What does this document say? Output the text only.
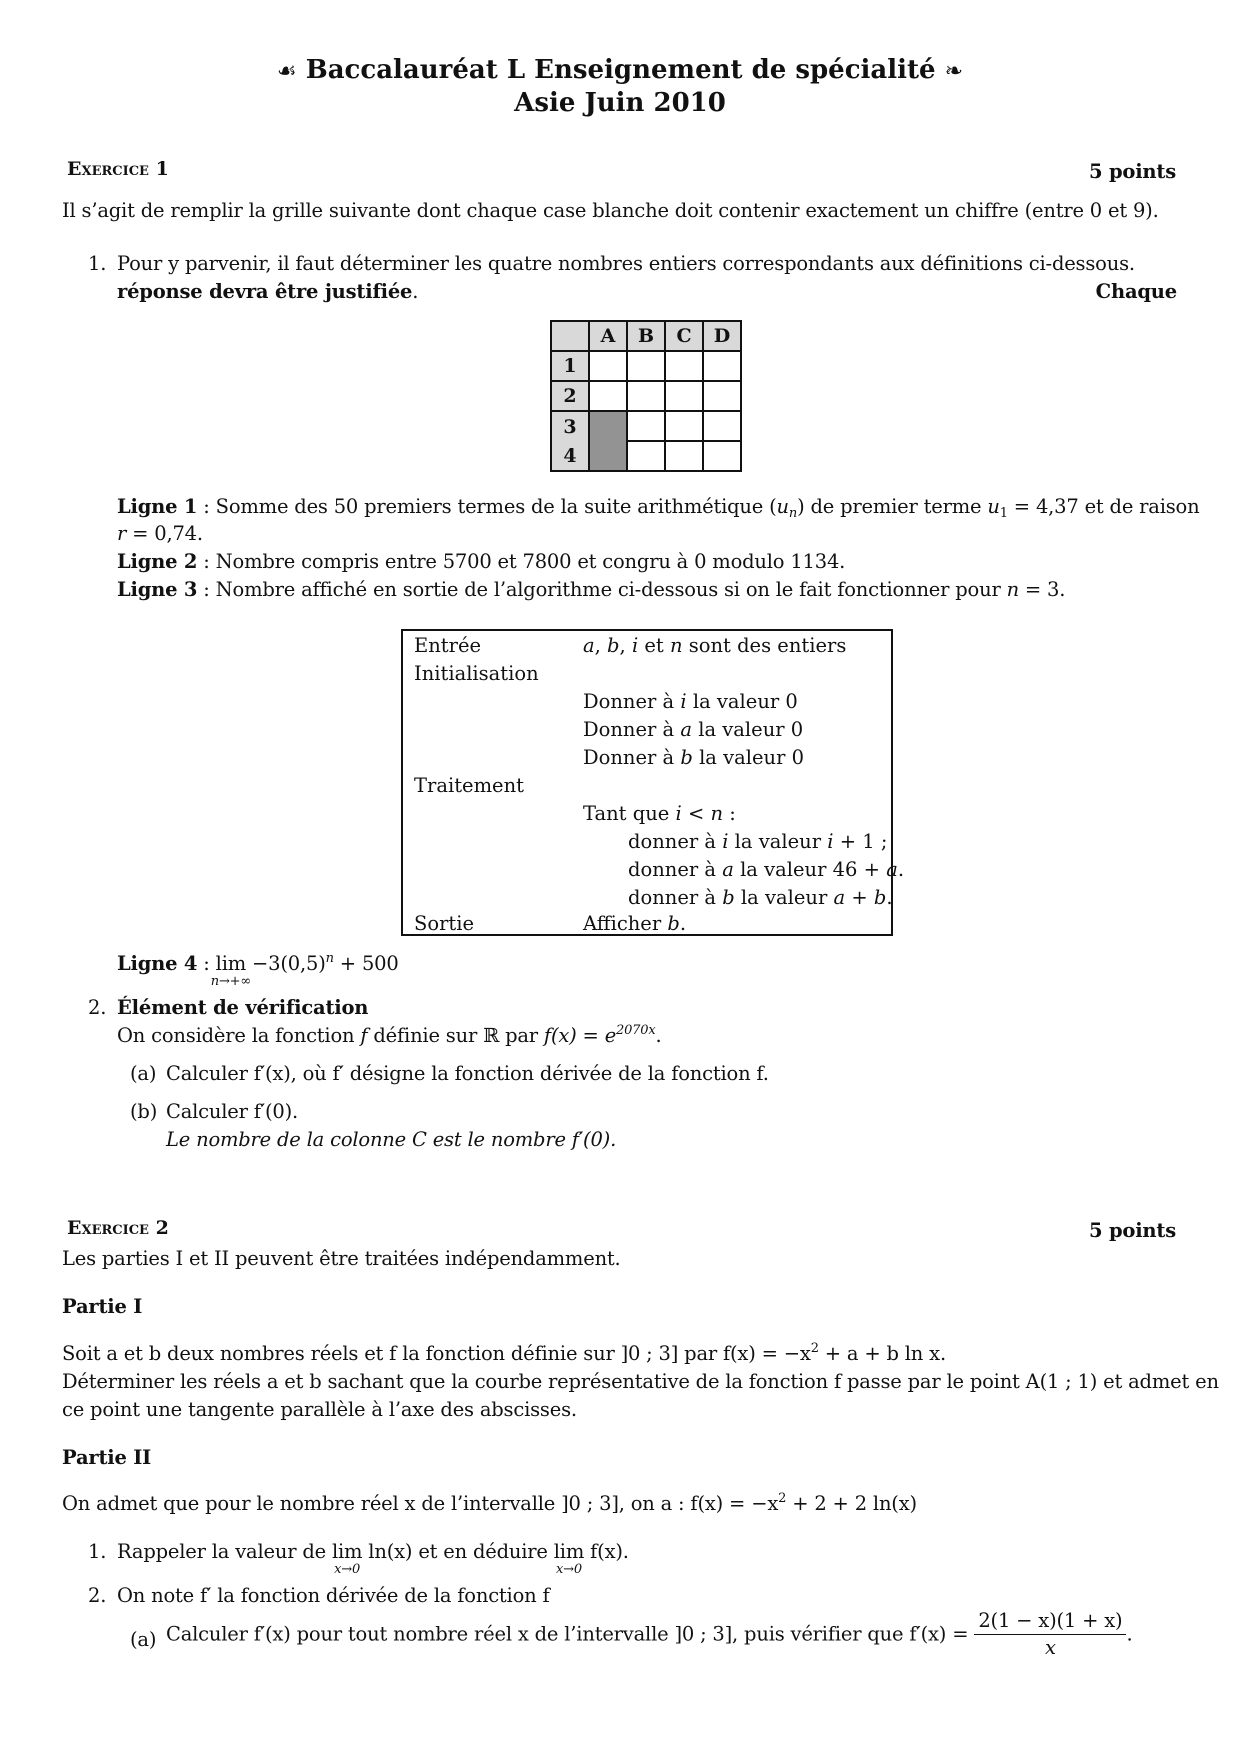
☙ Baccalauréat L Enseignement de spécialité ❧
Asie Juin 2010
Exercice 1	5 points
Il s’agit de remplir la grille suivante dont chaque case blanche doit contenir exactement un chiffre (entre 0 et 9).
1. Pour y parvenir, il faut déterminer les quatre nombres entiers correspondants aux définitions ci-dessous.
Chaque
réponse devra être justifiée.
	A	B	C	D
1				
2				
3				
4				
Ligne 1 : Somme des 50 premiers termes de la suite arithmétique $(u_n)$ de premier terme $u_1 = 4,37$ et de raison
r = 0,74.
Ligne 2 : Nombre compris entre 5700 et 7800 et congru à 0 modulo 1134.
Ligne 3 : Nombre affiché en sortie de l’algorithme ci-dessous si on le fait fonctionner pour n = 3.
Entrée	a, b, i et n sont des entiers
Initialisation
Donner à i la valeur 0
Donner à a la valeur 0
Donner à b la valeur 0
Traitement
Tant que i < n :
donner à i la valeur i + 1 ;
donner à a la valeur 46 + a.
donner à b la valeur a + b.
Sortie	Afficher b.
Ligne 4 : lim
n→+∞
$-3(0,5)^n + 500$
2. Élément de vérification
On considère la fonction f définie sur ℝ par $f(x) = e^{2070x}$.
(a) Calculer f′(x), où f′ désigne la fonction dérivée de la fonction f.
(b) Calculer f′(0).
Le nombre de la colonne C est le nombre f′(0).
Exercice 2	5 points
Les parties I et II peuvent être traitées indépendamment.
Partie I
Soit a et b deux nombres réels et f la fonction définie sur ]0 ; 3] par $f(x) = -x^2 + a + b$ ln x.
Déterminer les réels a et b sachant que la courbe représentative de la fonction f passe par le point A(1 ; 1) et admet en
ce point une tangente parallèle à l’axe des abscisses.
Partie II
On admet que pour le nombre réel x de l’intervalle ]0 ; 3], on a : $f(x) = -x^2 + 2 + 2$ ln(x)
1. Rappeler la valeur de lim
x→0
ln(x) et en déduire lim
x→0
f(x).
2. On note f′ la fonction dérivée de la fonction f
(a) Calculer f′(x) pour tout nombre réel x de l’intervalle ]0 ; 3], puis vérifier que $f'(x) = \frac{2(1 - x)(1 + x)}{x}$ .
